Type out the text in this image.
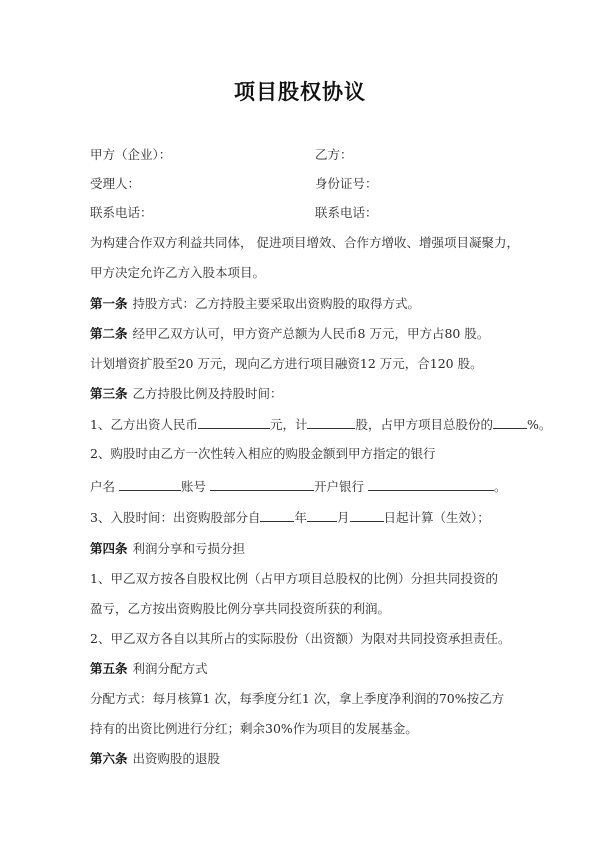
项目股权协议
甲方（企业）：	乙方：
受理人：	身份证号：
联系电话：	联系电话：
为构建合作双方利益共同体， 促进项目增效、合作方增收、增强项目凝聚力，
甲方决定允许乙方入股本项目。
第一条 持股方式：乙方持股主要采取出资购股的取得方式。
第二条 经甲乙双方认可，甲方资产总额为人民币8 万元，甲方占80 股。
计划增资扩股至20 万元，现向乙方进行项目融资12 万元，合120 股。
第三条 乙方持股比例及持股时间：
1、乙方出资人民币	元，计	股，占甲方项目总股份的	%。
2、购股时由乙方一次性转入相应的购股金额到甲方指定的银行
户名	账号	开户银行	。
3、入股时间：出资购股部分自	年 月	日起计算（生效）；
第四条 利润分享和亏损分担
1、甲乙双方按各自股权比例（占甲方项目总股权的比例）分担共同投资的
盈亏，乙方按出资购股比例分享共同投资所获的利润。
2、甲乙双方各自以其所占的实际股份（出资额）为限对共同投资承担责任。
第五条 利润分配方式
分配方式：每月核算1 次，每季度分红1 次，拿上季度净利润的70%按乙方
持有的出资比例进行分红；剩余30%作为项目的发展基金。
第六条 出资购股的退股
